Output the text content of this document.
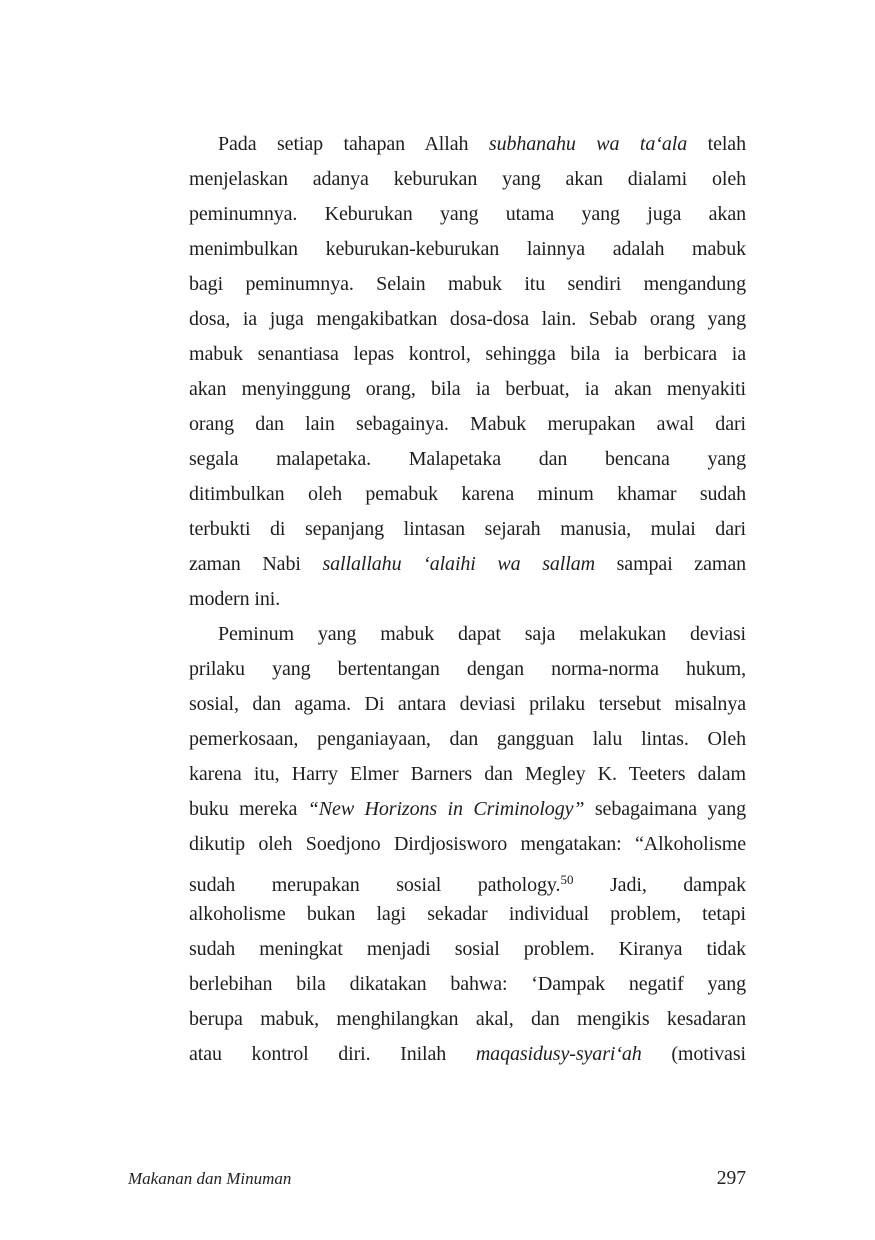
Pada setiap tahapan Allah subhanahu wa ta‘ala telah
menjelaskan adanya keburukan yang akan dialami oleh
peminumnya. Keburukan yang utama yang juga akan
menimbulkan keburukan-keburukan lainnya adalah mabuk
bagi peminumnya. Selain mabuk itu sendiri mengandung
dosa, ia juga mengakibatkan dosa-dosa lain. Sebab orang yang
mabuk senantiasa lepas kontrol, sehingga bila ia berbicara ia
akan menyinggung orang, bila ia berbuat, ia akan menyakiti
orang dan lain sebagainya. Mabuk merupakan awal dari
segala malapetaka. Malapetaka dan bencana yang
ditimbulkan oleh pemabuk karena minum khamar sudah
terbukti di sepanjang lintasan sejarah manusia, mulai dari
zaman Nabi sallallahu ‘alaihi wa sallam sampai zaman
modern ini.
Peminum yang mabuk dapat saja melakukan deviasi
prilaku yang bertentangan dengan norma-norma hukum,
sosial, dan agama. Di antara deviasi prilaku tersebut misalnya
pemerkosaan, penganiayaan, dan gangguan lalu lintas. Oleh
karena itu, Harry Elmer Barners dan Megley K. Teeters dalam
buku mereka “New Horizons in Criminology” sebagaimana yang
dikutip oleh Soedjono Dirdjosisworo mengatakan: “Alkoholisme
sudah merupakan sosial pathology.$^{50}$ Jadi, dampak
alkoholisme bukan lagi sekadar individual problem, tetapi
sudah meningkat menjadi sosial problem. Kiranya tidak
berlebihan bila dikatakan bahwa: ‘Dampak negatif yang
berupa mabuk, menghilangkan akal, dan mengikis kesadaran
atau kontrol diri. Inilah maqasidusy-syari‘ah (motivasi
Makanan dan Minuman	297
